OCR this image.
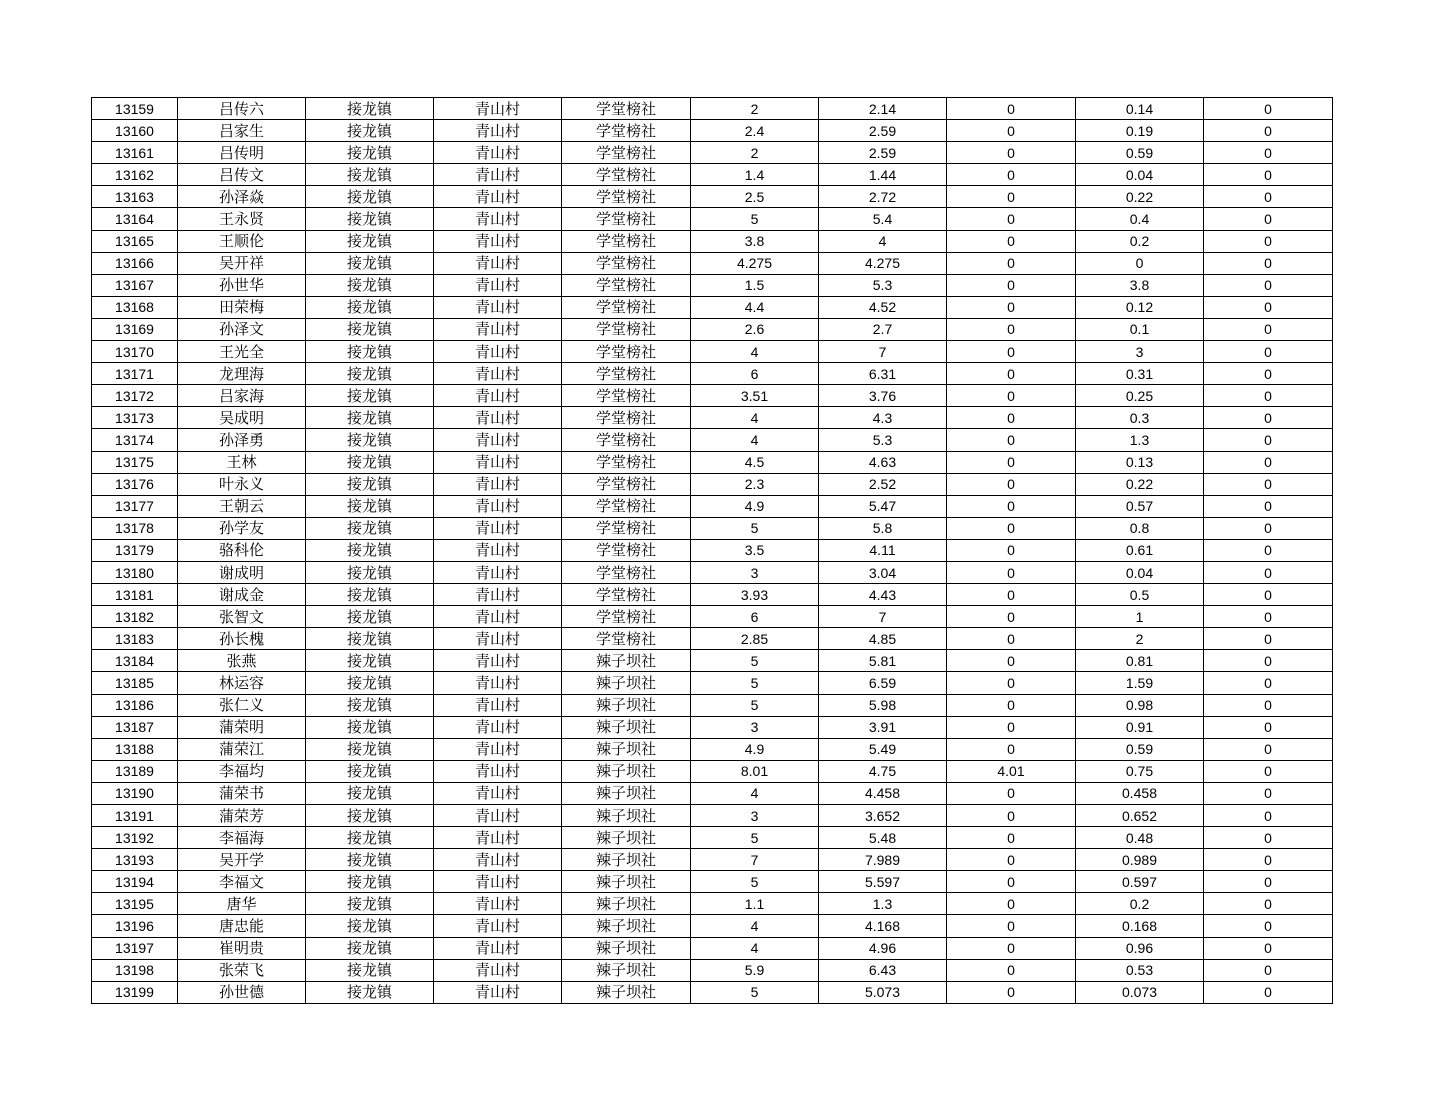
13159	吕传六	接龙镇	青山村	学堂榜社	2	2.14	0	0.14	0
13160	吕家生	接龙镇	青山村	学堂榜社	2.4	2.59	0	0.19	0
13161	吕传明	接龙镇	青山村	学堂榜社	2	2.59	0	0.59	0
13162	吕传文	接龙镇	青山村	学堂榜社	1.4	1.44	0	0.04	0
13163	孙泽焱	接龙镇	青山村	学堂榜社	2.5	2.72	0	0.22	0
13164	王永贤	接龙镇	青山村	学堂榜社	5	5.4	0	0.4	0
13165	王顺伦	接龙镇	青山村	学堂榜社	3.8	4	0	0.2	0
13166	吴开祥	接龙镇	青山村	学堂榜社	4.275	4.275	0	0	0
13167	孙世华	接龙镇	青山村	学堂榜社	1.5	5.3	0	3.8	0
13168	田荣梅	接龙镇	青山村	学堂榜社	4.4	4.52	0	0.12	0
13169	孙泽文	接龙镇	青山村	学堂榜社	2.6	2.7	0	0.1	0
13170	王光全	接龙镇	青山村	学堂榜社	4	7	0	3	0
13171	龙理海	接龙镇	青山村	学堂榜社	6	6.31	0	0.31	0
13172	吕家海	接龙镇	青山村	学堂榜社	3.51	3.76	0	0.25	0
13173	吴成明	接龙镇	青山村	学堂榜社	4	4.3	0	0.3	0
13174	孙泽勇	接龙镇	青山村	学堂榜社	4	5.3	0	1.3	0
13175	王林	接龙镇	青山村	学堂榜社	4.5	4.63	0	0.13	0
13176	叶永义	接龙镇	青山村	学堂榜社	2.3	2.52	0	0.22	0
13177	王朝云	接龙镇	青山村	学堂榜社	4.9	5.47	0	0.57	0
13178	孙学友	接龙镇	青山村	学堂榜社	5	5.8	0	0.8	0
13179	骆科伦	接龙镇	青山村	学堂榜社	3.5	4.11	0	0.61	0
13180	谢成明	接龙镇	青山村	学堂榜社	3	3.04	0	0.04	0
13181	谢成金	接龙镇	青山村	学堂榜社	3.93	4.43	0	0.5	0
13182	张智文	接龙镇	青山村	学堂榜社	6	7	0	1	0
13183	孙长槐	接龙镇	青山村	学堂榜社	2.85	4.85	0	2	0
13184	张燕	接龙镇	青山村	辣子坝社	5	5.81	0	0.81	0
13185	林运容	接龙镇	青山村	辣子坝社	5	6.59	0	1.59	0
13186	张仁义	接龙镇	青山村	辣子坝社	5	5.98	0	0.98	0
13187	蒲荣明	接龙镇	青山村	辣子坝社	3	3.91	0	0.91	0
13188	蒲荣江	接龙镇	青山村	辣子坝社	4.9	5.49	0	0.59	0
13189	李福均	接龙镇	青山村	辣子坝社	8.01	4.75	4.01	0.75	0
13190	蒲荣书	接龙镇	青山村	辣子坝社	4	4.458	0	0.458	0
13191	蒲荣芳	接龙镇	青山村	辣子坝社	3	3.652	0	0.652	0
13192	李福海	接龙镇	青山村	辣子坝社	5	5.48	0	0.48	0
13193	吴开学	接龙镇	青山村	辣子坝社	7	7.989	0	0.989	0
13194	李福文	接龙镇	青山村	辣子坝社	5	5.597	0	0.597	0
13195	唐华	接龙镇	青山村	辣子坝社	1.1	1.3	0	0.2	0
13196	唐忠能	接龙镇	青山村	辣子坝社	4	4.168	0	0.168	0
13197	崔明贵	接龙镇	青山村	辣子坝社	4	4.96	0	0.96	0
13198	张荣飞	接龙镇	青山村	辣子坝社	5.9	6.43	0	0.53	0
13199	孙世德	接龙镇	青山村	辣子坝社	5	5.073	0	0.073	0
